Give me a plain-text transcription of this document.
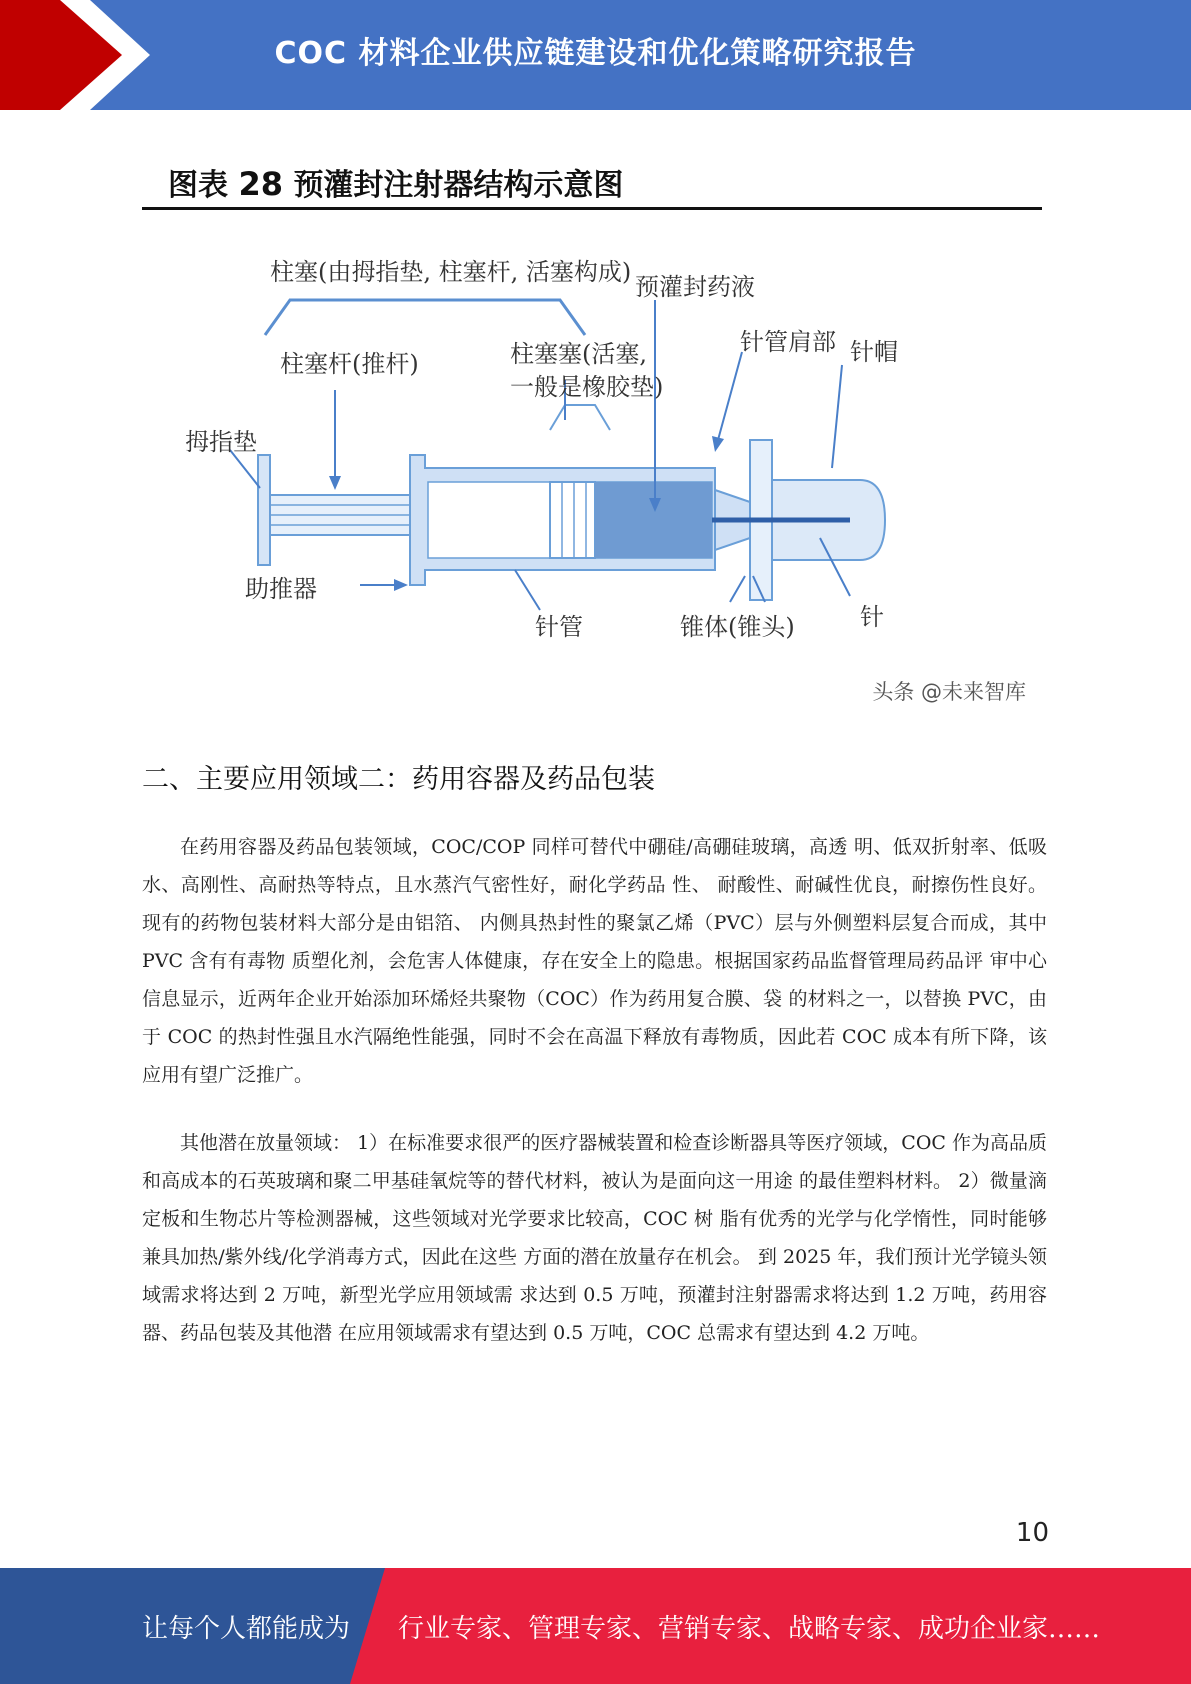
COC 材料企业供应链建设和优化策略研究报告
图表 28 预灌封注射器结构示意图
柱塞(由拇指垫, 柱塞杆, 活塞构成)
预灌封药液
柱塞杆(推杆)	柱塞塞(活塞,
一般是橡胶垫)
针管肩部 针帽
拇指垫
助推器
针管	锥体(锥头)	针
头条 @未来智库
二、主要应用领域二：药用容器及药品包装

在药用容器及药品包装领域，COC/COP 同样可替代中硼硅/高硼硅玻璃，高透 明、低双折射率、低吸水、高刚性、高耐热等特点，且水蒸汽气密性好，耐化学药品 性、 耐酸性、耐碱性优良，耐擦伤性良好。现有的药物包装材料大部分是由铝箔、 内侧具热封性的聚氯乙烯（PVC）层与外侧塑料层复合而成，其中 PVC 含有有毒物 质塑化剂，会危害人体健康，存在安全上的隐患。根据国家药品监督管理局药品评 审中心信息显示，近两年企业开始添加环烯烃共聚物（COC）作为药用复合膜、袋 的材料之一，以替换 PVC，由于 COC 的热封性强且水汽隔绝性能强，同时不会在高温下释放有毒物质，因此若 COC 成本有所下降，该应用有望广泛推广。

其他潜在放量领域： 1）在标准要求很严的医疗器械装置和检查诊断器具等医疗领域，COC 作为高品质和高成本的石英玻璃和聚二甲基硅氧烷等的替代材料，被认为是面向这一用途 的最佳塑料材料。 2）微量滴定板和生物芯片等检测器械，这些领域对光学要求比较高，COC 树 脂有优秀的光学与化学惰性，同时能够兼具加热/紫外线/化学消毒方式，因此在这些 方面的潜在放量存在机会。 到 2025 年，我们预计光学镜头领域需求将达到 2 万吨，新型光学应用领域需 求达到 0.5 万吨，预灌封注射器需求将达到 1.2 万吨，药用容器、药品包装及其他潜 在应用领域需求有望达到 0.5 万吨，COC 总需求有望达到 4.2 万吨。

10
让每个人都能成为 行业专家、管理专家、营销专家、战略专家、成功企业家……
